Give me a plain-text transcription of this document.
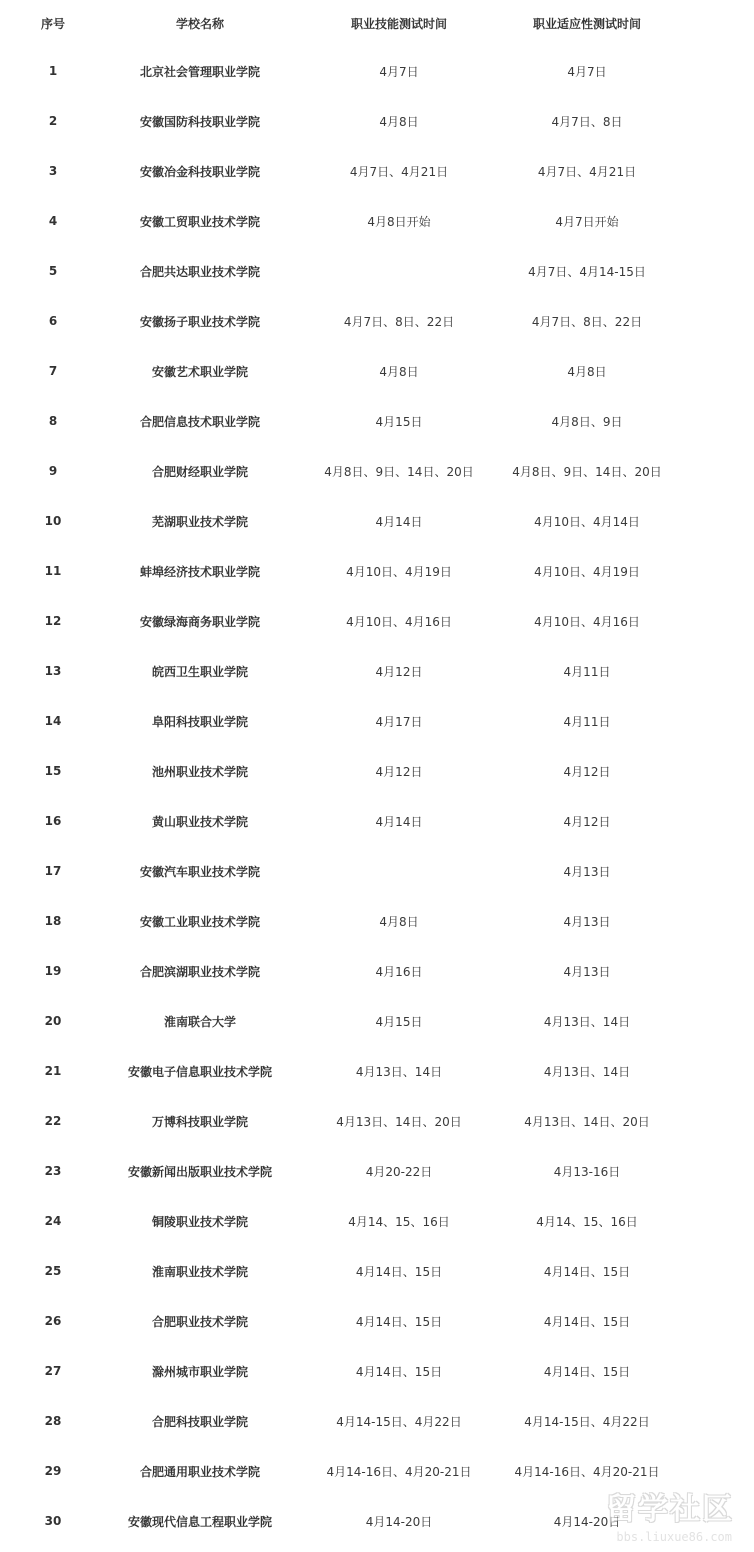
序号	学校名称	职业技能测试时间	职业适应性测试时间	
1	北京社会管理职业学院	4月7日	4月7日	
2	安徽国防科技职业学院	4月8日	4月7日、8日	
3	安徽冶金科技职业学院	4月7日、4月21日	4月7日、4月21日	
4	安徽工贸职业技术学院	4月8日开始	4月7日开始	
5	合肥共达职业技术学院		4月7日、4月14-15日	
6	安徽扬子职业技术学院	4月7日、8日、22日	4月7日、8日、22日	
7	安徽艺术职业学院	4月8日	4月8日	
8	合肥信息技术职业学院	4月15日	4月8日、9日	
9	合肥财经职业学院	4月8日、9日、14日、20日	4月8日、9日、14日、20日	
10	芜湖职业技术学院	4月14日	4月10日、4月14日	
11	蚌埠经济技术职业学院	4月10日、4月19日	4月10日、4月19日	
12	安徽绿海商务职业学院	4月10日、4月16日	4月10日、4月16日	
13	皖西卫生职业学院	4月12日	4月11日	
14	阜阳科技职业学院	4月17日	4月11日	
15	池州职业技术学院	4月12日	4月12日	
16	黄山职业技术学院	4月14日	4月12日	
17	安徽汽车职业技术学院		4月13日	
18	安徽工业职业技术学院	4月8日	4月13日	
19	合肥滨湖职业技术学院	4月16日	4月13日	
20	淮南联合大学	4月15日	4月13日、14日	
21	安徽电子信息职业技术学院	4月13日、14日	4月13日、14日	
22	万博科技职业学院	4月13日、14日、20日	4月13日、14日、20日	
23	安徽新闻出版职业技术学院	4月20-22日	4月13-16日	
24	铜陵职业技术学院	4月14、15、16日	4月14、15、16日	
25	淮南职业技术学院	4月14日、15日	4月14日、15日	
26	合肥职业技术学院	4月14日、15日	4月14日、15日	
27	滁州城市职业学院	4月14日、15日	4月14日、15日	
28	合肥科技职业学院	4月14-15日、4月22日	4月14-15日、4月22日	
29	合肥通用职业技术学院	4月14-16日、4月20-21日	4月14-16日、4月20-21日	
30	安徽现代信息工程职业学院	4月14-20日	4月14-20日	
留学社区
bbs.liuxue86.com
